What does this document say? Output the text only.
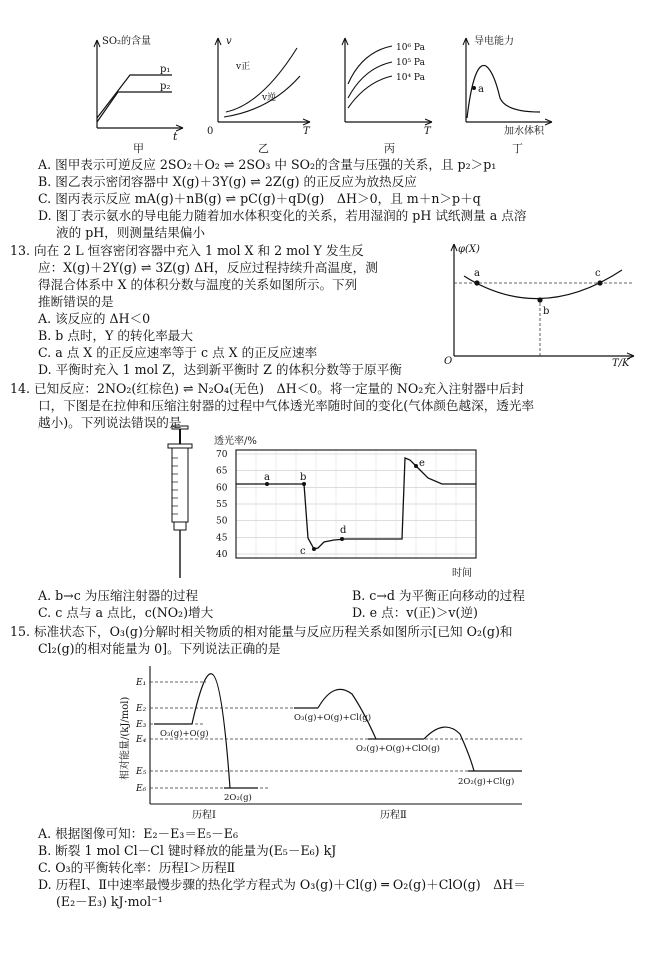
SO₂的含量
p₁
p₂
t
甲
v
v正
v逆
0	T
乙
10⁶ Pa
10⁵ Pa
10⁴ Pa
T
丙
导电能力
a
加水体积
丁
A. 图甲表示可逆反应 2SO₂＋O₂ ⇌ 2SO₃ 中 SO₂的含量与压强的关系，且 p₂＞p₁
B. 图乙表示密闭容器中 X(g)＋3Y(g) ⇌ 2Z(g) 的正反应为放热反应
C. 图丙表示反应 mA(g)＋nB(g) ⇌ pC(g)＋qD(g)　ΔH＞0，且 m＋n＞p＋q
D. 图丁表示氨水的导电能力随着加水体积变化的关系，若用湿润的 pH 试纸测量 a 点溶
液的 pH，则测量结果偏小
13. 向在 2 L 恒容密闭容器中充入 1 mol X 和 2 mol Y 发生反
应：X(g)＋2Y(g) ⇌ 3Z(g) ΔH，反应过程持续升高温度，测
得混合体系中 X 的体积分数与温度的关系如图所示。下列
推断错误的是
A. 该反应的 ΔH＜0
B. b 点时，Y 的转化率最大
C. a 点 X 的正反应速率等于 c 点 X 的正反应速率
D. 平衡时充入 1 mol Z，达到新平衡时 Z 的体积分数等于原平衡
φ(X)
a
b
c
O	T/K
14. 已知反应：2NO₂(红棕色) ⇌ N₂O₄(无色)　ΔH＜0。将一定量的 NO₂充入注射器中后封
口，下图是在拉伸和压缩注射器的过程中气体透光率随时间的变化(气体颜色越深，透光率
越小)。下列说法错误的是
70
65
60
55
50
45
40
a	b
c
d
e
透光率/%
时间
A. b→c 为压缩注射器的过程	B. c→d 为平衡正向移动的过程
C. c 点与 a 点比，c(NO₂)增大	D. e 点：v(正)＞v(逆)
15. 标准状态下，O₃(g)分解时相关物质的相对能量与反应历程关系如图所示[已知 O₂(g)和
Cl₂(g)的相对能量为 0]。下列说法正确的是
相对能量/(kJ/mol)
E₁
E₂
E₃
E₄
E₅
E₆
O₃(g)+O(g)
O₃(g)+O(g)+Cl(g)
O₂(g)+O(g)+ClO(g)
2O₂(g)+Cl(g)
2O₂(g)
历程Ⅰ	历程Ⅱ
A. 根据图像可知：E₂－E₃＝E₅－E₆
B. 断裂 1 mol Cl－Cl 键时释放的能量为(E₅－E₆) kJ
C. O₃的平衡转化率：历程Ⅰ＞历程Ⅱ
D. 历程Ⅰ、Ⅱ中速率最慢步骤的热化学方程式为 O₃(g)＋Cl(g) ═ O₂(g)＋ClO(g)　ΔH＝
(E₂－E₃) kJ·mol⁻¹
